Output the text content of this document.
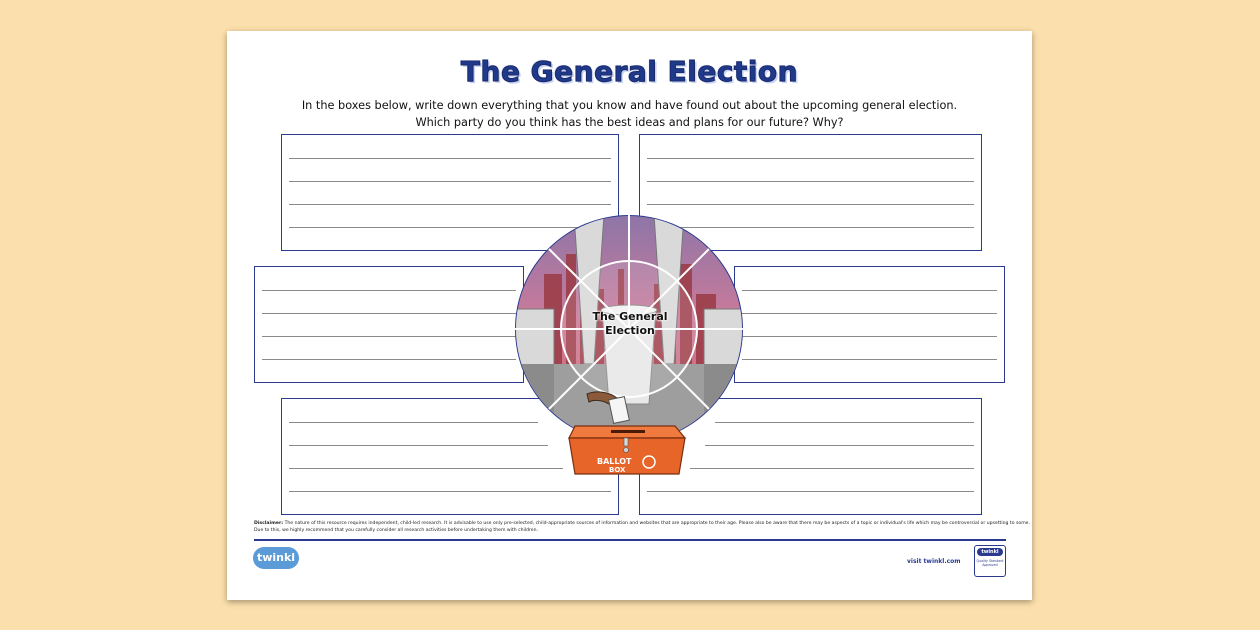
The General Election
In the boxes below, write down everything that you know and have found out about the upcoming general election.
Which party do you think has the best ideas and plans for our future? Why?
The General
Election
BALLOT
BOX
Disclaimer: The nature of this resource requires independent, child-led research. It is advisable to use only pre-selected, child-appropriate sources of information and websites that are appropriate to their age. Please also be aware that there may be aspects of a topic or individual's life which may be controversial or upsetting to some. Due to this, we highly recommend that you carefully consider all research activities before undertaking them with children.
twinkl	visit twinkl.com
twinkl
Quality Standard Approved
